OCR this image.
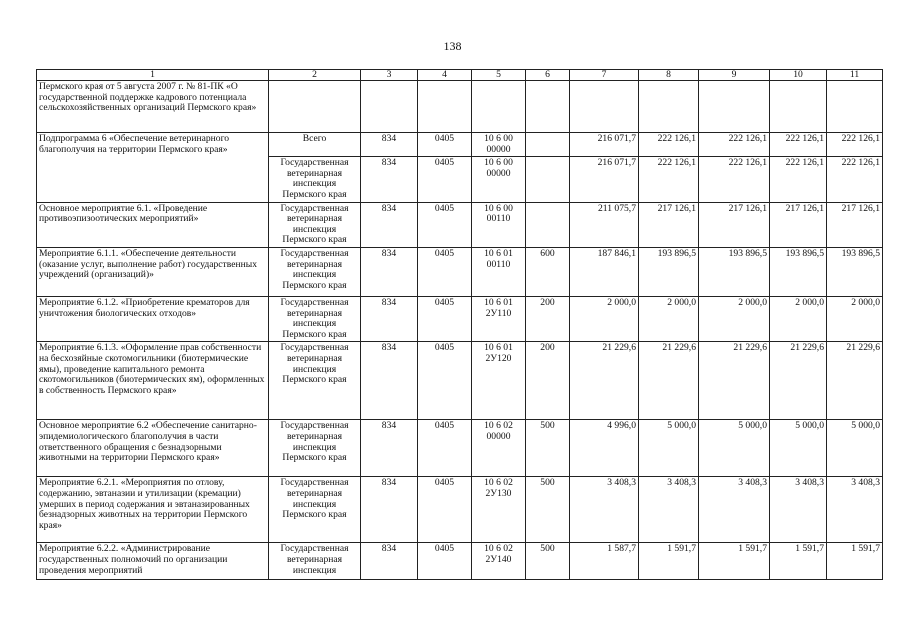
138
1	2	3	4	5	6	7	8	9	10	11
Пермского края от 5 августа 2007 г. № 81-ПК «О государственной поддержке кадрового потенциала сельскохозяйственных организаций Пермского края»										
Подпрограмма 6 «Обеспечение ветеринарного благополучия на территории Пермского края»	Всего	834	0405	10 6 00 00000		216 071,7	222 126,1	222 126,1	222 126,1	222 126,1
	Государственная ветеринарная инспекция Пермского края	834	0405	10 6 00 00000		216 071,7	222 126,1	222 126,1	222 126,1	222 126,1
Основное мероприятие 6.1. «Проведение противоэпизоотических мероприятий»	Государственная ветеринарная инспекция Пермского края	834	0405	10 6 00 00110		211 075,7	217 126,1	217 126,1	217 126,1	217 126,1
Мероприятие 6.1.1. «Обеспечение деятельности (оказание услуг, выполнение работ) государственных учреждений (организаций)»	Государственная ветеринарная инспекция Пермского края	834	0405	10 6 01 00110	600	187 846,1	193 896,5	193 896,5	193 896,5	193 896,5
Мероприятие 6.1.2. «Приобретение крематоров для уничтожения биологических отходов»	Государственная ветеринарная инспекция Пермского края	834	0405	10 6 01 2У110	200	2 000,0	2 000,0	2 000,0	2 000,0	2 000,0
Мероприятие 6.1.3. «Оформление прав собственности на бесхозяйные скотомогильники (биотермические ямы), проведение капитального ремонта скотомогильников (биотермических ям), оформленных в собственность Пермского края»	Государственная ветеринарная инспекция Пермского края	834	0405	10 6 01 2У120	200	21 229,6	21 229,6	21 229,6	21 229,6	21 229,6
Основное мероприятие 6.2 «Обеспечение санитарно-эпидемиологического благополучия в части ответственного обращения с безнадзорными животными на территории Пермского края»	Государственная ветеринарная инспекция Пермского края	834	0405	10 6 02 00000	500	4 996,0	5 000,0	5 000,0	5 000,0	5 000,0
Мероприятие 6.2.1. «Мероприятия по отлову, содержанию, эвтаназии и утилизации (кремации) умерших в период содержания и эвтаназированных безнадзорных животных на территории Пермского края»	Государственная ветеринарная инспекция Пермского края	834	0405	10 6 02 2У130	500	3 408,3	3 408,3	3 408,3	3 408,3	3 408,3
Мероприятие 6.2.2. «Администрирование государственных полномочий по организации проведения мероприятий	Государственная ветеринарная инспекция	834	0405	10 6 02 2У140	500	1 587,7	1 591,7	1 591,7	1 591,7	1 591,7
